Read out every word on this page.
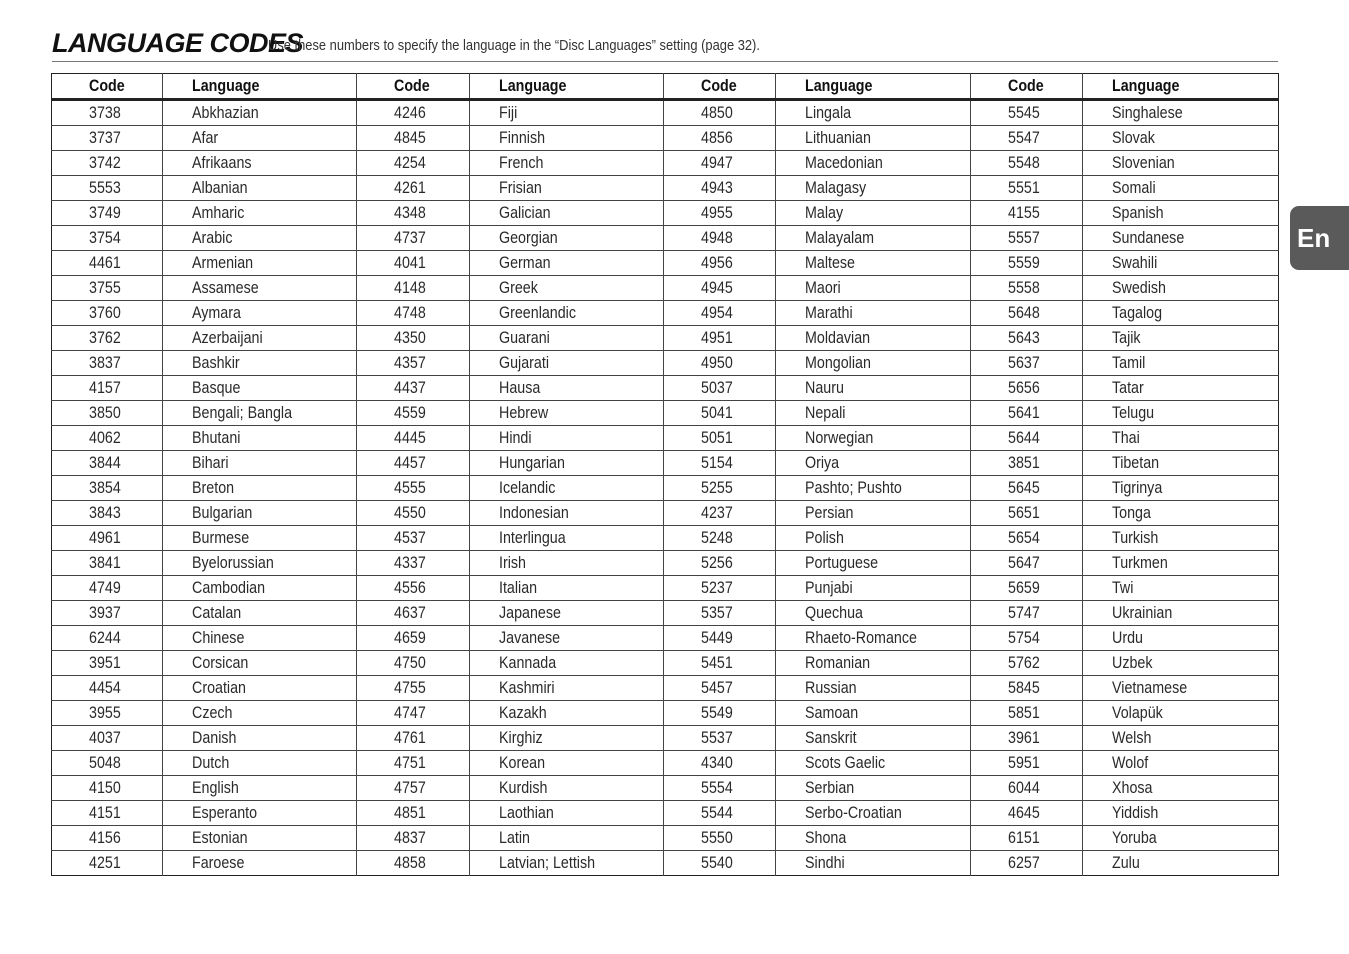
LANGUAGE CODES
Use these numbers to specify the language in the “Disc Languages” setting (page 32).
Code	Language	Code	Language	Code	Language	Code	Language
3738	Abkhazian	4246	Fiji	4850	Lingala	5545	Singhalese
3737	Afar	4845	Finnish	4856	Lithuanian	5547	Slovak
3742	Afrikaans	4254	French	4947	Macedonian	5548	Slovenian
5553	Albanian	4261	Frisian	4943	Malagasy	5551	Somali
3749	Amharic	4348	Galician	4955	Malay	4155	Spanish
3754	Arabic	4737	Georgian	4948	Malayalam	5557	Sundanese
4461	Armenian	4041	German	4956	Maltese	5559	Swahili
3755	Assamese	4148	Greek	4945	Maori	5558	Swedish
3760	Aymara	4748	Greenlandic	4954	Marathi	5648	Tagalog
3762	Azerbaijani	4350	Guarani	4951	Moldavian	5643	Tajik
3837	Bashkir	4357	Gujarati	4950	Mongolian	5637	Tamil
4157	Basque	4437	Hausa	5037	Nauru	5656	Tatar
3850	Bengali; Bangla	4559	Hebrew	5041	Nepali	5641	Telugu
4062	Bhutani	4445	Hindi	5051	Norwegian	5644	Thai
3844	Bihari	4457	Hungarian	5154	Oriya	3851	Tibetan
3854	Breton	4555	Icelandic	5255	Pashto; Pushto	5645	Tigrinya
3843	Bulgarian	4550	Indonesian	4237	Persian	5651	Tonga
4961	Burmese	4537	Interlingua	5248	Polish	5654	Turkish
3841	Byelorussian	4337	Irish	5256	Portuguese	5647	Turkmen
4749	Cambodian	4556	Italian	5237	Punjabi	5659	Twi
3937	Catalan	4637	Japanese	5357	Quechua	5747	Ukrainian
6244	Chinese	4659	Javanese	5449	Rhaeto-Romance	5754	Urdu
3951	Corsican	4750	Kannada	5451	Romanian	5762	Uzbek
4454	Croatian	4755	Kashmiri	5457	Russian	5845	Vietnamese
3955	Czech	4747	Kazakh	5549	Samoan	5851	Volapük
4037	Danish	4761	Kirghiz	5537	Sanskrit	3961	Welsh
5048	Dutch	4751	Korean	4340	Scots Gaelic	5951	Wolof
4150	English	4757	Kurdish	5554	Serbian	6044	Xhosa
4151	Esperanto	4851	Laothian	5544	Serbo-Croatian	4645	Yiddish
4156	Estonian	4837	Latin	5550	Shona	6151	Yoruba
4251	Faroese	4858	Latvian; Lettish	5540	Sindhi	6257	Zulu
En
